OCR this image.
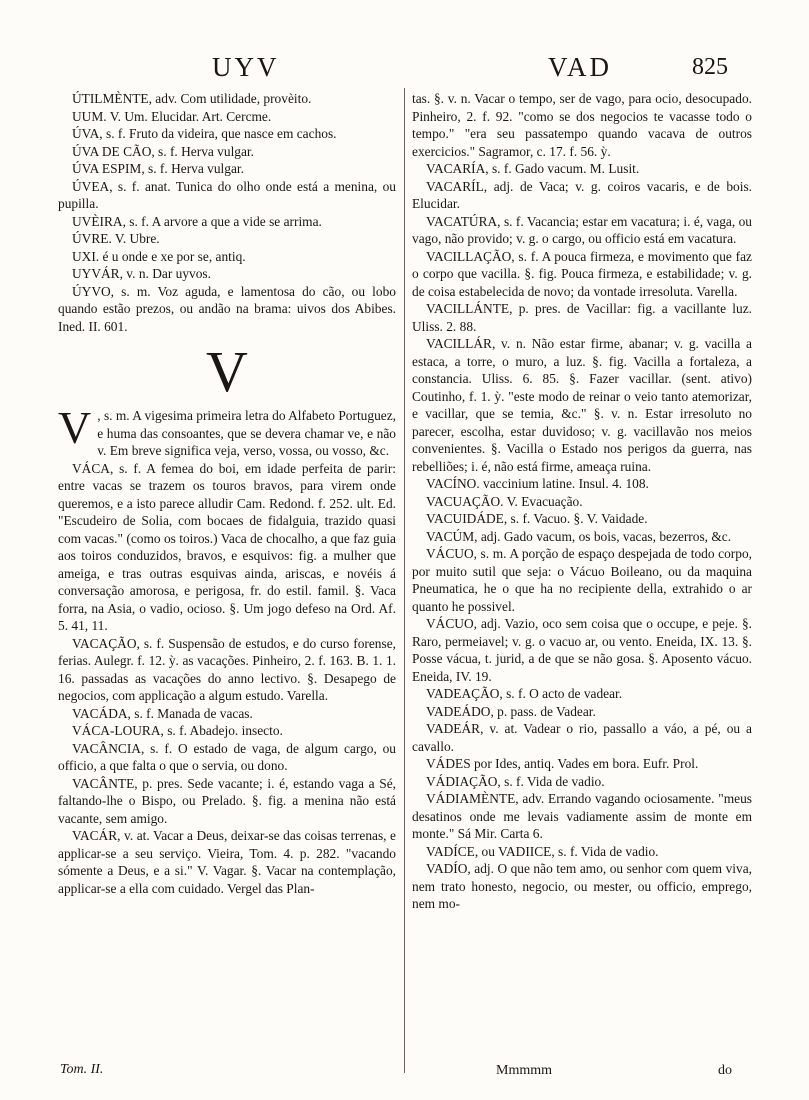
UYV	VAD	825

ÚTILMÈNTE, adv. Com utilidade, provèito.

UUM. V. Um. Elucidar. Art. Cercme.

ÚVA, s. f. Fruto da videira, que nasce em cachos.

ÚVA DE CÃO, s. f. Herva vulgar.

ÚVA ESPIM, s. f. Herva vulgar.

ÚVEA, s. f. anat. Tunica do olho onde está a menina, ou pupilla.

UVÈIRA, s. f. A arvore a que a vide se arrima.

ÚVRE. V. Ubre.

UXI. é u onde e xe por se, antiq.

UYVÁR, v. n. Dar uyvos.

ÚYVO, s. m. Voz aguda, e lamentosa do cão, ou lobo quando estão prezos, ou andão na brama: uivos dos Abibes. Ined. II. 601.

V

V , s. m. A vigesima primeira letra do Alfabeto Portuguez, e huma das consoantes, que se devera chamar ve, e não v. Em breve significa veja, verso, vossa, ou vosso, &c.

VÁCA, s. f. A femea do boi, em idade perfeita de parir: entre vacas se trazem os touros bravos, para virem onde queremos, e a isto parece alludir Cam. Redond. f. 252. ult. Ed. "Escudeiro de Solia, com bocaes de fidalguia, trazido quasi com vacas." (como os toiros.) Vaca de chocalho, a que faz guia aos toiros conduzidos, bravos, e esquivos: fig. a mulher que ameiga, e tras outras esquivas ainda, ariscas, e novéis á conversação amorosa, e perigosa, fr. do estil. famil. §. Vaca forra, na Asia, o vadio, ocioso. §. Um jogo defeso na Ord. Af. 5. 41, 11.

VACAÇÃO, s. f. Suspensão de estudos, e do curso forense, ferias. Aulegr. f. 12. ỳ. as vacações. Pinheiro, 2. f. 163. B. 1. 1. 16. passadas as vacações do anno lectivo. §. Desapego de negocios, com applicação a algum estudo. Varella.

VACÁDA, s. f. Manada de vacas.

VÁCA-LOURA, s. f. Abadejo. insecto.

VACÂNCIA, s. f. O estado de vaga, de algum cargo, ou officio, a que falta o que o servia, ou dono.

VACÂNTE, p. pres. Sede vacante; i. é, estando vaga a Sé, faltando-lhe o Bispo, ou Prelado. §. fig. a menina não está vacante, sem amigo.

VACÁR, v. at. Vacar a Deus, deixar-se das coisas terrenas, e applicar-se a seu serviço. Vieira, Tom. 4. p. 282. "vacando sómente a Deus, e a si." V. Vagar. §. Vacar na contemplação, applicar-se a ella com cuidado. Vergel das Plan-

tas. §. v. n. Vacar o tempo, ser de vago, para ocio, desocupado. Pinheiro, 2. f. 92. "como se dos negocios te vacasse todo o tempo." "era seu passatempo quando vacava de outros exercicios." Sagramor, c. 17. f. 56. ỳ.

VACARÍA, s. f. Gado vacum. M. Lusit.

VACARÍL, adj. de Vaca; v. g. coiros vacaris, e de bois. Elucidar.

VACATÚRA, s. f. Vacancia; estar em vacatura; i. é, vaga, ou vago, não provido; v. g. o cargo, ou officio está em vacatura.

VACILLAÇÃO, s. f. A pouca firmeza, e movimento que faz o corpo que vacilla. §. fig. Pouca firmeza, e estabilidade; v. g. de coisa estabelecida de novo; da vontade irresoluta. Varella.

VACILLÁNTE, p. pres. de Vacillar: fig. a vacillante luz. Uliss. 2. 88.

VACILLÁR, v. n. Não estar firme, abanar; v. g. vacilla a estaca, a torre, o muro, a luz. §. fig. Vacilla a fortaleza, a constancia. Uliss. 6. 85. §. Fazer vacillar. (sent. ativo) Coutinho, f. 1. ỳ. "este modo de reinar o veio tanto atemorizar, e vacillar, que se temia, &c." §. v. n. Estar irresoluto no parecer, escolha, estar duvidoso; v. g. vacillavão nos meios convenientes. §. Vacilla o Estado nos perigos da guerra, nas rebelliões; i. é, não está firme, ameaça ruina.

VACÍNO. vaccinium latine. Insul. 4. 108.

VACUAÇÃO. V. Evacuação.

VACUIDÁDE, s. f. Vacuo. §. V. Vaidade.

VACÚM, adj. Gado vacum, os bois, vacas, bezerros, &c.

VÁCUO, s. m. A porção de espaço despejada de todo corpo, por muito sutil que seja: o Vácuo Boileano, ou da maquina Pneumatica, he o que ha no recipiente della, extrahido o ar quanto he possivel.

VÁCUO, adj. Vazio, oco sem coisa que o occupe, e peje. §. Raro, permeiavel; v. g. o vacuo ar, ou vento. Eneida, IX. 13. §. Posse vácua, t. jurid, a de que se não gosa. §. Aposento vácuo. Eneida, IV. 19.

VADEAÇÃO, s. f. O acto de vadear.

VADEÁDO, p. pass. de Vadear.

VADEÁR, v. at. Vadear o rio, passallo a váo, a pé, ou a cavallo.

VÁDES por Ides, antiq. Vades em bora. Eufr. Prol.

VÁDIAÇÃO, s. f. Vida de vadio.

VÁDIAMÈNTE, adv. Errando vagando ociosamente. "meus desatinos onde me levais vadiamente assim de monte em monte." Sá Mir. Carta 6.

VADÍCE, ou VADIICE, s. f. Vida de vadio.

VADÍO, adj. O que não tem amo, ou senhor com quem viva, nem trato honesto, negocio, ou mester, ou officio, emprego, nem mo-

Tom. II.	Mmmmm	do
